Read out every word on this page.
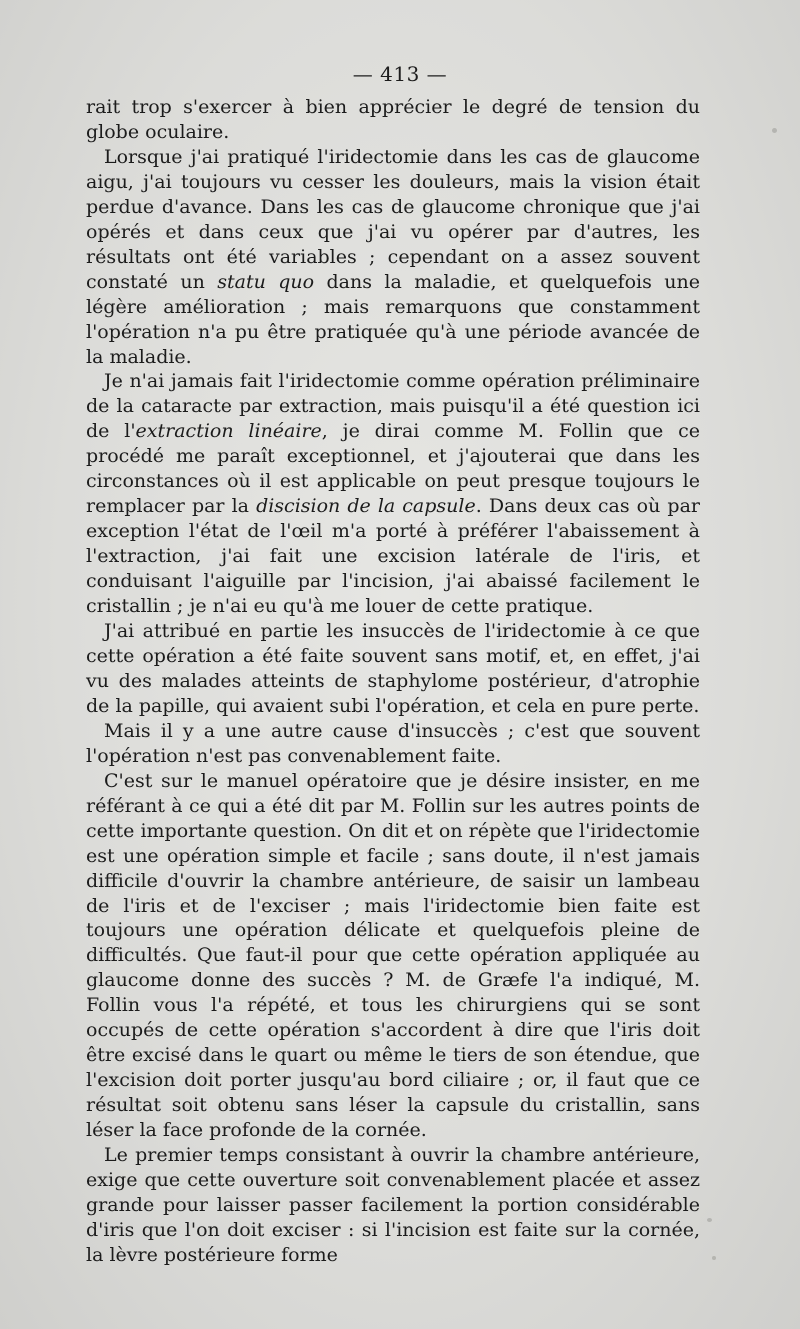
— 413 —

rait trop s'exercer à bien apprécier le degré de tension du globe oculaire.

Lorsque j'ai pratiqué l'iridectomie dans les cas de glaucome aigu, j'ai toujours vu cesser les douleurs, mais la vision était perdue d'avance. Dans les cas de glaucome chronique que j'ai opérés et dans ceux que j'ai vu opérer par d'autres, les résultats ont été variables ; cependant on a assez souvent constaté un statu quo dans la maladie, et quelquefois une légère amélioration ; mais remarquons que constamment l'opération n'a pu être pratiquée qu'à une période avancée de la maladie.

Je n'ai jamais fait l'iridectomie comme opération préliminaire de la cataracte par extraction, mais puisqu'il a été question ici de l'extraction linéaire, je dirai comme M. Follin que ce procédé me paraît exceptionnel, et j'ajouterai que dans les circonstances où il est applicable on peut presque toujours le remplacer par la discision de la capsule. Dans deux cas où par exception l'état de l'œil m'a porté à préférer l'abaissement à l'extraction, j'ai fait une excision latérale de l'iris, et conduisant l'aiguille par l'incision, j'ai abaissé facilement le cristallin ; je n'ai eu qu'à me louer de cette pratique.

J'ai attribué en partie les insuccès de l'iridectomie à ce que cette opération a été faite souvent sans motif, et, en effet, j'ai vu des malades atteints de staphylome postérieur, d'atrophie de la papille, qui avaient subi l'opération, et cela en pure perte.

Mais il y a une autre cause d'insuccès ; c'est que souvent l'opération n'est pas convenablement faite.

C'est sur le manuel opératoire que je désire insister, en me référant à ce qui a été dit par M. Follin sur les autres points de cette importante question. On dit et on répète que l'iridectomie est une opération simple et facile ; sans doute, il n'est jamais difficile d'ouvrir la chambre antérieure, de saisir un lambeau de l'iris et de l'exciser ; mais l'iridectomie bien faite est toujours une opération délicate et quelquefois pleine de difficultés. Que faut-il pour que cette opération appliquée au glaucome donne des succès ? M. de Græfe l'a indiqué, M. Follin vous l'a répété, et tous les chirurgiens qui se sont occupés de cette opération s'accordent à dire que l'iris doit être excisé dans le quart ou même le tiers de son étendue, que l'excision doit porter jusqu'au bord ciliaire ; or, il faut que ce résultat soit obtenu sans léser la capsule du cristallin, sans léser la face profonde de la cornée.

Le premier temps consistant à ouvrir la chambre antérieure, exige que cette ouverture soit convenablement placée et assez grande pour laisser passer facilement la portion considérable d'iris que l'on doit exciser : si l'incision est faite sur la cornée, la lèvre postérieure forme
